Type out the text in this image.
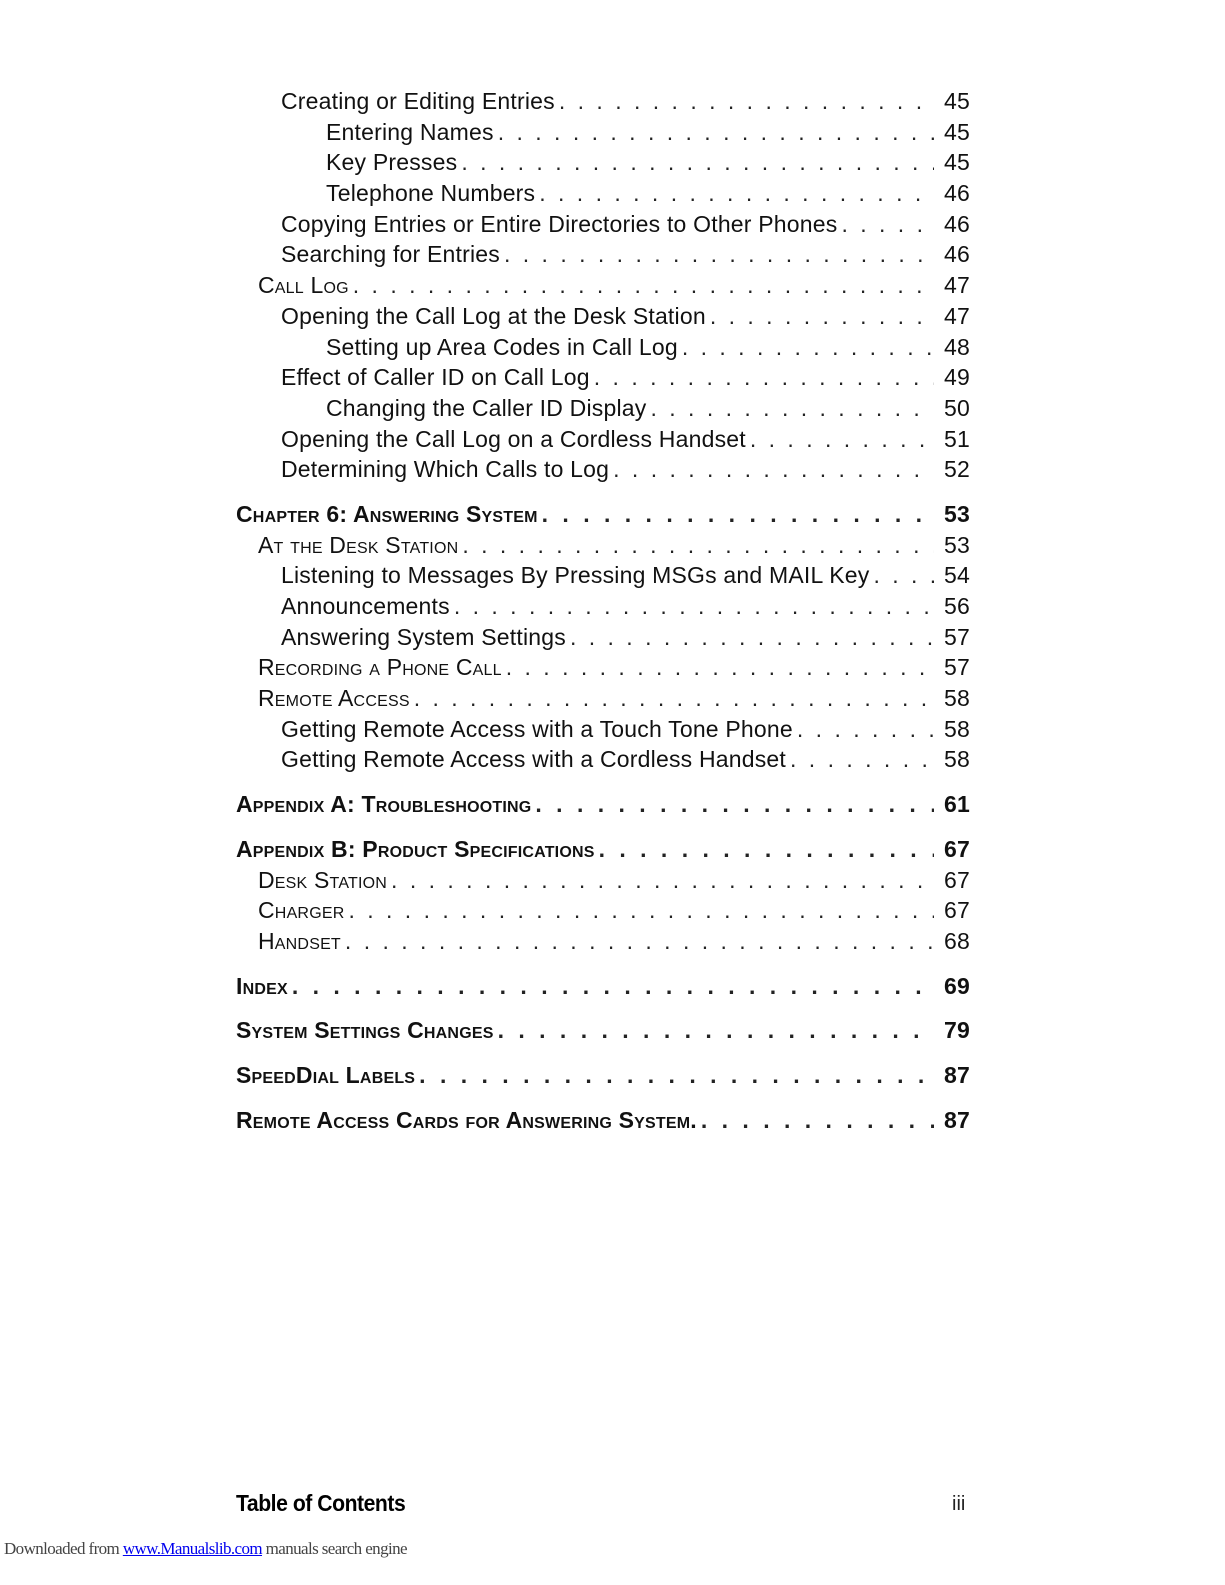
Creating or Editing Entries . . .	45
Entering Names . . .	45
Key Presses . . .	45
Telephone Numbers . . .	46
Copying Entries or Entire Directories to Other Phones . . .	46
Searching for Entries . . .	46
Call Log . . .	47
Opening the Call Log at the Desk Station . . .	47
Setting up Area Codes in Call Log . . .	48
Effect of Caller ID on Call Log . . .	49
Changing the Caller ID Display . . .	50
Opening the Call Log on a Cordless Handset . . .	51
Determining Which Calls to Log . . .	52
Chapter 6: Answering System . . .	53
At the Desk Station . . .	53
Listening to Messages By Pressing MSGs and MAIL Key . . .	54
Announcements . . .	56
Answering System Settings . . .	57
Recording a Phone Call . . .	57
Remote Access . . .	58
Getting Remote Access with a Touch Tone Phone . . .	58
Getting Remote Access with a Cordless Handset . . .	58
Appendix A: Troubleshooting . . .	61
Appendix B: Product Specifications . . .	67
Desk Station . . .	67
Charger . . .	67
Handset . . .	68
Index . . .	69
System Settings Changes . . .	79
SpeedDial Labels . . .	87
Remote Access Cards for Answering System. . . .	87
Table of Contents	iii
Downloaded from www.Manualslib.com manuals search engine
